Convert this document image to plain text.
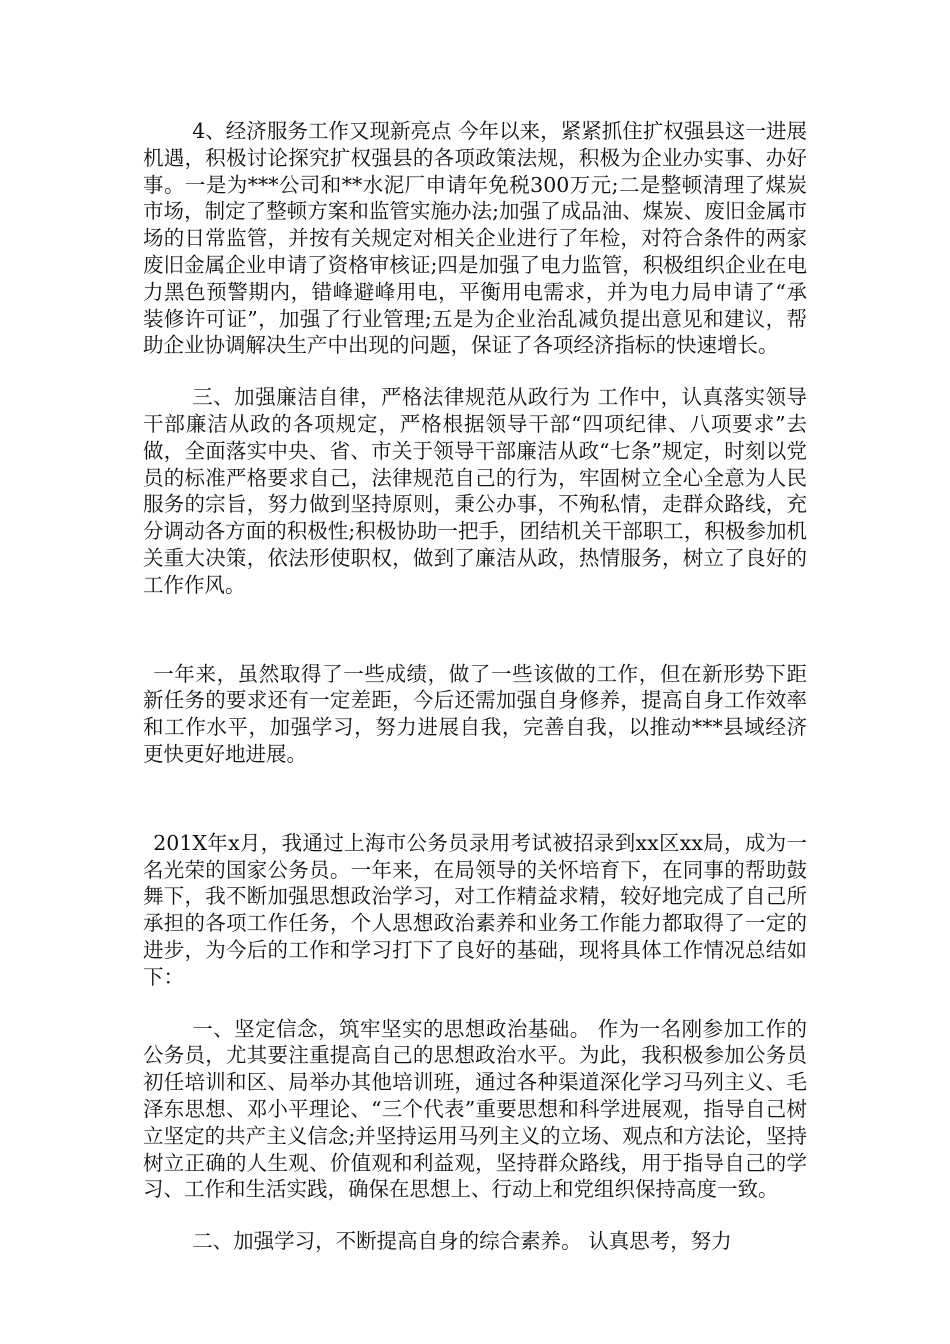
4、经济服务工作又现新亮点 今年以来，紧紧抓住扩权强县这一进展机遇，积极讨论探究扩权强县的各项政策法规，积极为企业办实事、办好事。一是为***公司和**水泥厂申请年免税300万元;二是整顿清理了煤炭市场，制定了整顿方案和监管实施办法;加强了成品油、煤炭、废旧金属市场的日常监管，并按有关规定对相关企业进行了年检，对符合条件的两家废旧金属企业申请了资格审核证;四是加强了电力监管，积极组织企业在电力黑色预警期内，错峰避峰用电，平衡用电需求，并为电力局申请了“承装修许可证”，加强了行业管理;五是为企业治乱减负提出意见和建议，帮助企业协调解决生产中出现的问题，保证了各项经济指标的快速增长。

三、加强廉洁自律，严格法律规范从政行为 工作中，认真落实领导干部廉洁从政的各项规定，严格根据领导干部“四项纪律、八项要求”去做，全面落实中央、省、市关于领导干部廉洁从政“七条”规定，时刻以党员的标准严格要求自己，法律规范自己的行为，牢固树立全心全意为人民服务的宗旨，努力做到坚持原则，秉公办事，不殉私情，走群众路线，充分调动各方面的积极性;积极协助一把手，团结机关干部职工，积极参加机关重大决策，依法形使职权，做到了廉洁从政，热情服务，树立了良好的工作作风。

一年来，虽然取得了一些成绩，做了一些该做的工作，但在新形势下距新任务的要求还有一定差距，今后还需加强自身修养，提高自身工作效率和工作水平，加强学习，努力进展自我，完善自我，以推动***县域经济更快更好地进展。

201X年x月，我通过上海市公务员录用考试被招录到xx区xx局，成为一名光荣的国家公务员。一年来，在局领导的关怀培育下，在同事的帮助鼓舞下，我不断加强思想政治学习，对工作精益求精，较好地完成了自己所承担的各项工作任务，个人思想政治素养和业务工作能力都取得了一定的进步，为今后的工作和学习打下了良好的基础，现将具体工作情况总结如下：

一、坚定信念，筑牢坚实的思想政治基础。 作为一名刚参加工作的公务员，尤其要注重提高自己的思想政治水平。为此，我积极参加公务员初任培训和区、局举办其他培训班，通过各种渠道深化学习马列主义、毛泽东思想、邓小平理论、“三个代表”重要思想和科学进展观，指导自己树立坚定的共产主义信念;并坚持运用马列主义的立场、观点和方法论，坚持树立正确的人生观、价值观和利益观，坚持群众路线，用于指导自己的学习、工作和生活实践，确保在思想上、行动上和党组织保持高度一致。

二、加强学习，不断提高自身的综合素养。 认真思考，努力
